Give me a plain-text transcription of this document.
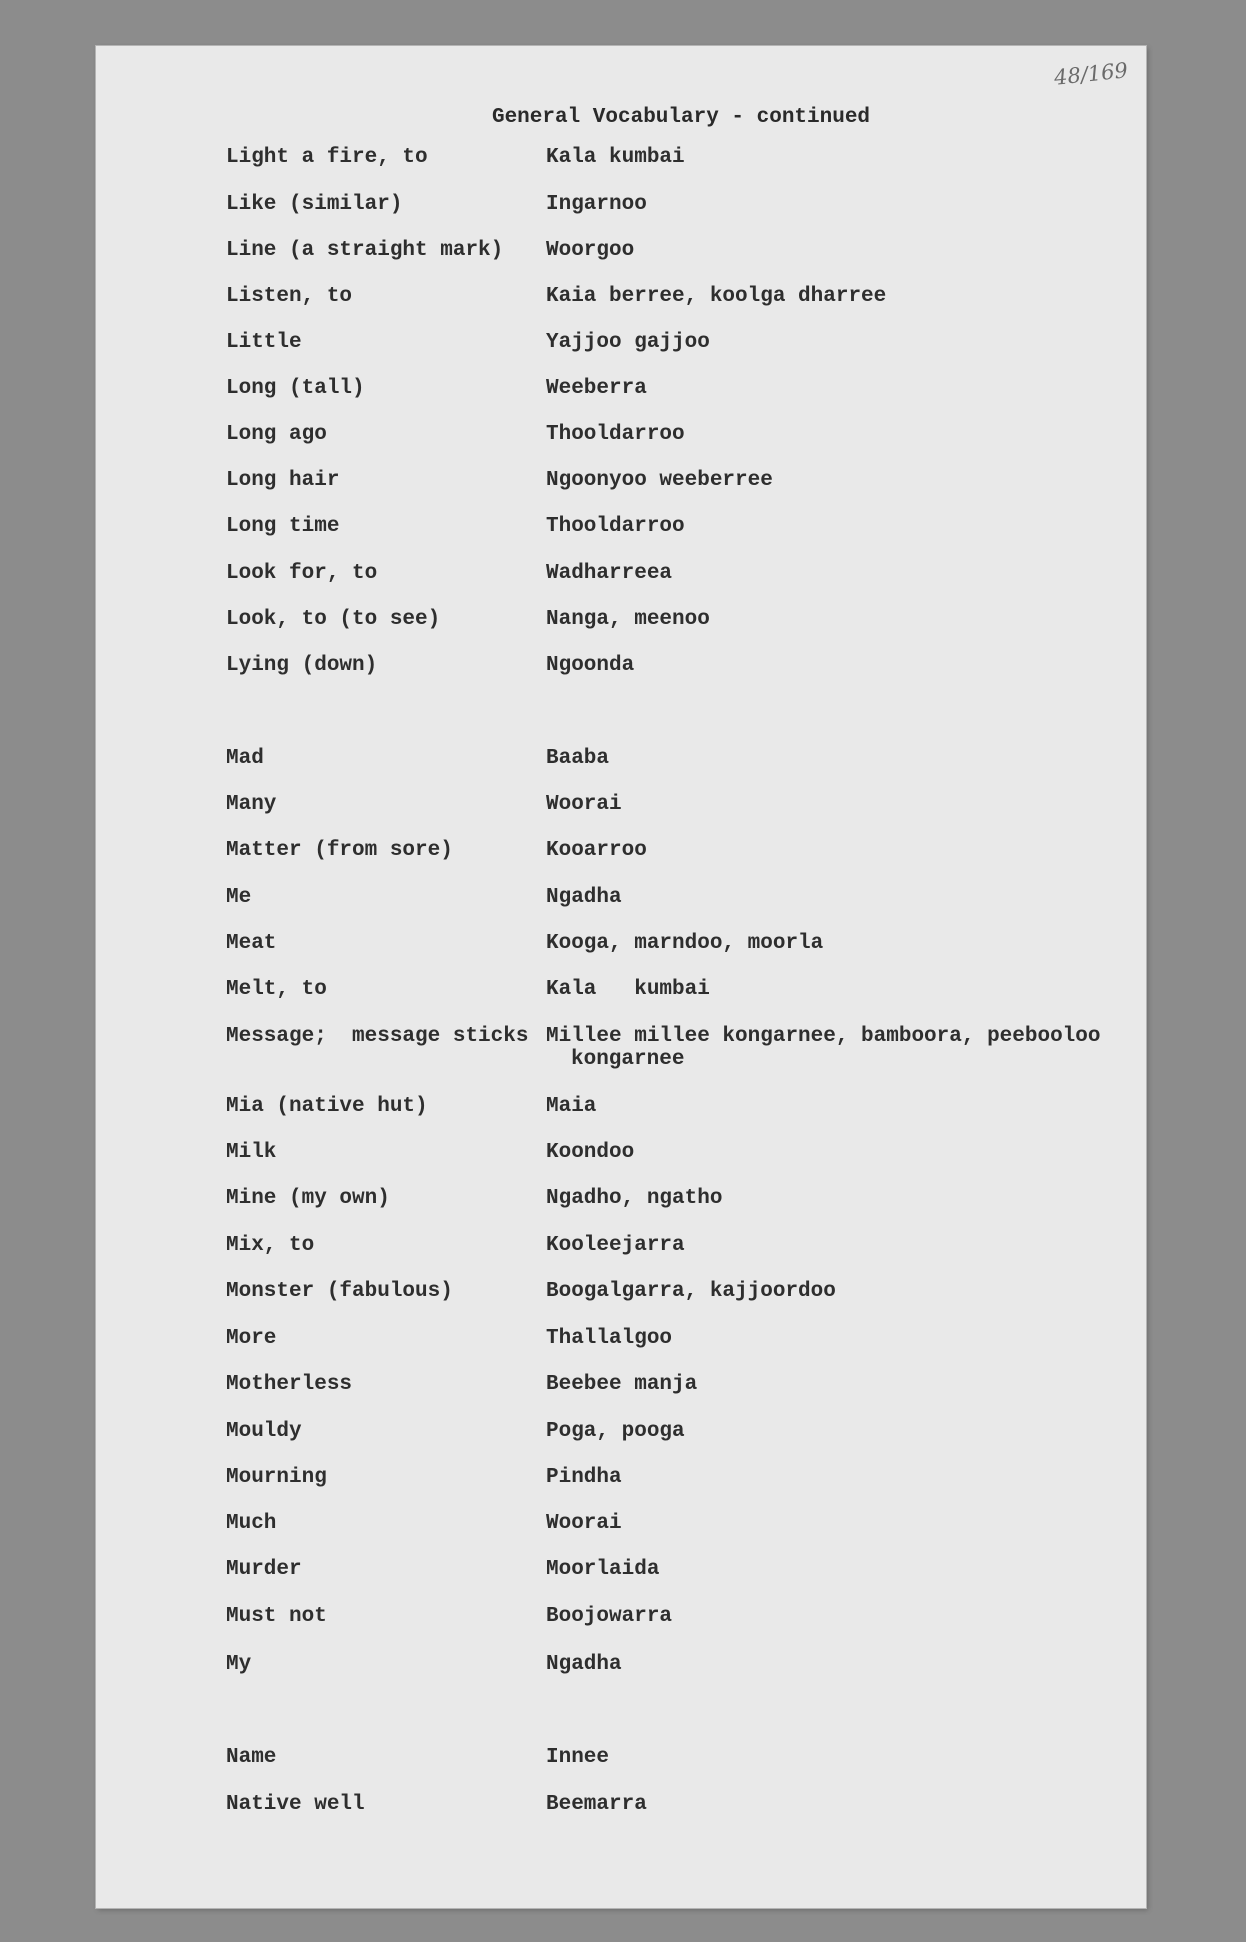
48/169
General Vocabulary - continued
Light a fire, to	Kala kumbai
Like (similar)	Ingarnoo
Line (a straight mark) Woorgoo
Listen, to	Kaia berree, koolga dharree
Little	Yajjoo gajjoo
Long (tall)	Weeberra
Long ago	Thooldarroo
Long hair	Ngoonyoo weeberree
Long time	Thooldarroo
Look for, to	Wadharreea
Look, to (to see)	Nanga, meenoo
Lying (down)	Ngoonda
Mad	Baaba
Many	Woorai
Matter (from sore)	Kooarroo
Me	Ngadha
Meat	Kooga, marndoo, moorla
Melt, to	Kala   kumbai
Message;  message sticks Millee millee kongarnee, bamboora, peebooloo
kongarnee
Mia (native hut)	Maia
Milk	Koondoo
Mine (my own)	Ngadho, ngatho
Mix, to	Kooleejarra
Monster (fabulous)	Boogalgarra, kajjoordoo
More	Thallalgoo
Motherless	Beebee manja
Mouldy	Poga, pooga
Mourning	Pindha
Much	Woorai
Murder	Moorlaida
Must not	Boojowarra
My	Ngadha
Name	Innee
Native well	Beemarra
